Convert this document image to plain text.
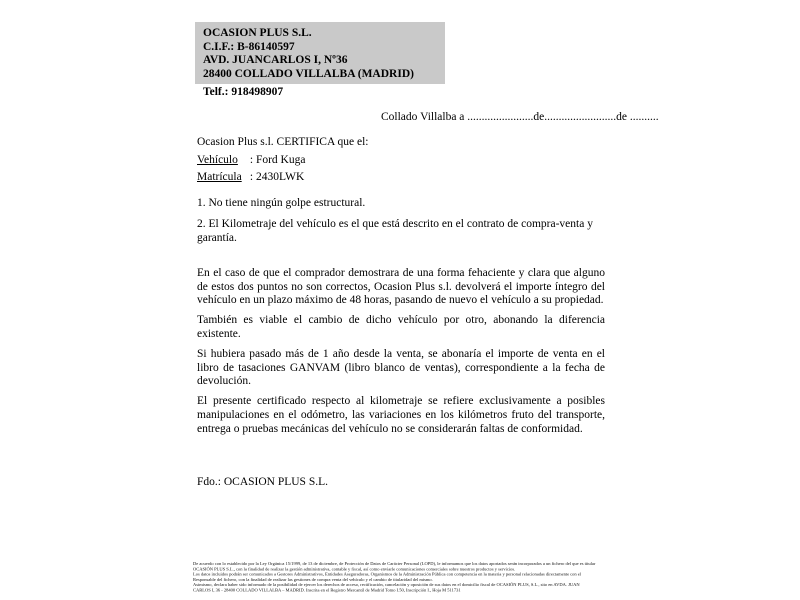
OCASION PLUS S.L.
C.I.F.: B-86140597
AVD. JUANCARLOS I, Nº36
28400 COLLADO VILLALBA (MADRID)
Telf.: 918498907
Collado Villalba a .......................de.........................de ..........
Ocasion Plus s.l. CERTIFICA que el:
Vehículo : Ford Kuga
Matrícula : 2430LWK
1. No tiene ningún golpe estructural.
2. El Kilometraje del vehículo es el que está descrito en el contrato de compra-venta y garantía.
En el caso de que el comprador demostrara de una forma fehaciente y clara que alguno de estos dos puntos no son correctos, Ocasion Plus s.l. devolverá el importe íntegro del vehículo en un plazo máximo de 48 horas, pasando de nuevo el vehículo a su propiedad.
También es viable el cambio de dicho vehículo por otro, abonando la diferencia existente.
Si hubiera pasado más de 1 año desde la venta, se abonaría el importe de venta en el libro de tasaciones GANVAM (libro blanco de ventas), correspondiente a la fecha de devolución.
El presente certificado respecto al kilometraje se refiere exclusivamente a posibles manipulaciones en el odómetro, las variaciones en los kilómetros fruto del transporte, entrega o pruebas mecánicas del vehículo no se considerarán faltas de conformidad.
Fdo.: OCASION PLUS S.L.
De acuerdo con lo establecido por la Ley Orgánica 15/1999, de 13 de diciembre, de Protección de Datos de Carácter Personal (LOPD), le informamos que los datos aportados serán incorporados a un fichero del que es titular
OCASIÓN PLUS S.L., con la finalidad de realizar la gestión administrativa, contable y fiscal, así como enviarle comunicaciones comerciales sobre nuestros productos y servicios.
Los datos incluidos podrán ser comunicados a Gestores Administrativos, Entidades Aseguradoras, Organismos de la Administración Pública con competencia en la materia y personal relacionadas directamente con el
Responsable del fichero, con la finalidad de realizar las gestiones de compra venta del vehículo y el cambio de titularidad del mismo.
Asimismo, declara haber sido informado de la posibilidad de ejercer los derechos de acceso, rectificación, cancelación y oposición de sus datos en el domicilio fiscal de OCASIÓN PLUS, S.L., sito en AVDA. JUAN
CARLOS I, 36 - 28400 COLLADO VILLALBA – MADRID. Inscrita en el Registro Mercantil de Madrid Tomo I.50, Inscripción I., Hoja M 511731
